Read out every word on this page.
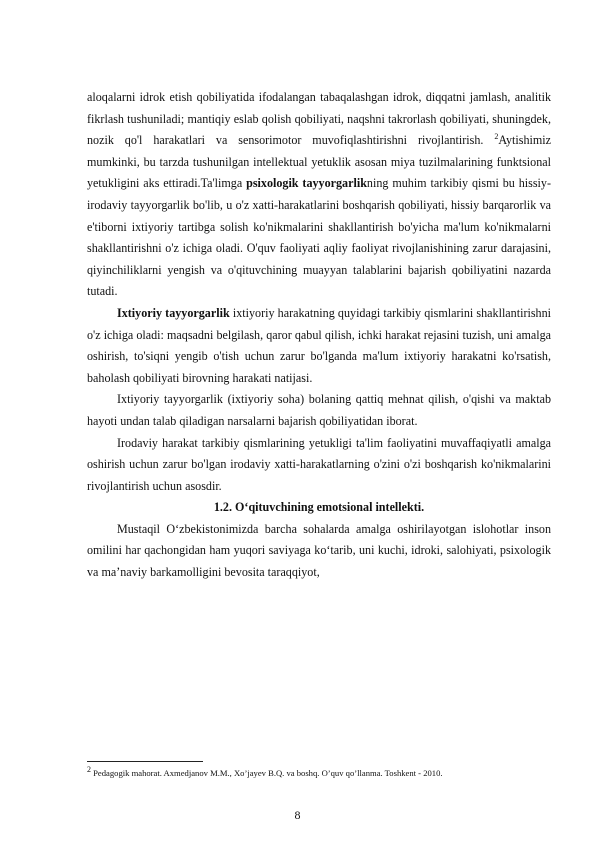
aloqalarni idrok etish qobiliyatida ifodalangan tabaqalashgan idrok, diqqatni jamlash, analitik fikrlash tushuniladi; mantiqiy eslab qolish qobiliyati, naqshni takrorlash qobiliyati, shuningdek, nozik qo'l harakatlari va sensorimotor muvofiqlashtirishni rivojlantirish. $^2$Aytishimiz mumkinki, bu tarzda tushunilgan intellektual yetuklik asosan miya tuzilmalarining funktsional yetukligini aks ettiradi.Ta'limga psixologik tayyorgarlikning muhim tarkibiy qismi bu hissiy-irodaviy tayyorgarlik bo'lib, u o'z xatti-harakatlarini boshqarish qobiliyati, hissiy barqarorlik va e'tiborni ixtiyoriy tartibga solish ko'nikmalarini shakllantirish bo'yicha ma'lum ko'nikmalarni shakllantirishni o'z ichiga oladi. O'quv faoliyati aqliy faoliyat rivojlanishining zarur darajasini, qiyinchiliklarni yengish va o'qituvchining muayyan talablarini bajarish qobiliyatini nazarda tutadi.

Ixtiyoriy tayyorgarlik ixtiyoriy harakatning quyidagi tarkibiy qismlarini shakllantirishni o'z ichiga oladi: maqsadni belgilash, qaror qabul qilish, ichki harakat rejasini tuzish, uni amalga oshirish, to'siqni yengib o'tish uchun zarur bo'lganda ma'lum ixtiyoriy harakatni ko'rsatish, baholash qobiliyati birovning harakati natijasi.

Ixtiyoriy tayyorgarlik (ixtiyoriy soha) bolaning qattiq mehnat qilish, o'qishi va maktab hayoti undan talab qiladigan narsalarni bajarish qobiliyatidan iborat.

Irodaviy harakat tarkibiy qismlarining yetukligi ta'lim faoliyatini muvaffaqiyatli amalga oshirish uchun zarur bo'lgan irodaviy xatti-harakatlarning o'zini o'zi boshqarish ko'nikmalarini rivojlantirish uchun asosdir.

1.2. O‘qituvchining emotsional intellekti.

Mustaqil O‘zbekistonimizda barcha sohalarda amalga oshirilayotgan islohotlar inson omilini har qachongidan ham yuqori saviyaga ko‘tarib, uni kuchi, idroki, salohiyati, psixologik va ma’naviy barkamolligini bevosita taraqqiyot,

$^2$ Pedagogik mahorat. Axmedjanov M.M., Xo’jayev B.Q. va boshq. O’quv qo’llanma. Toshkent - 2010.
8
